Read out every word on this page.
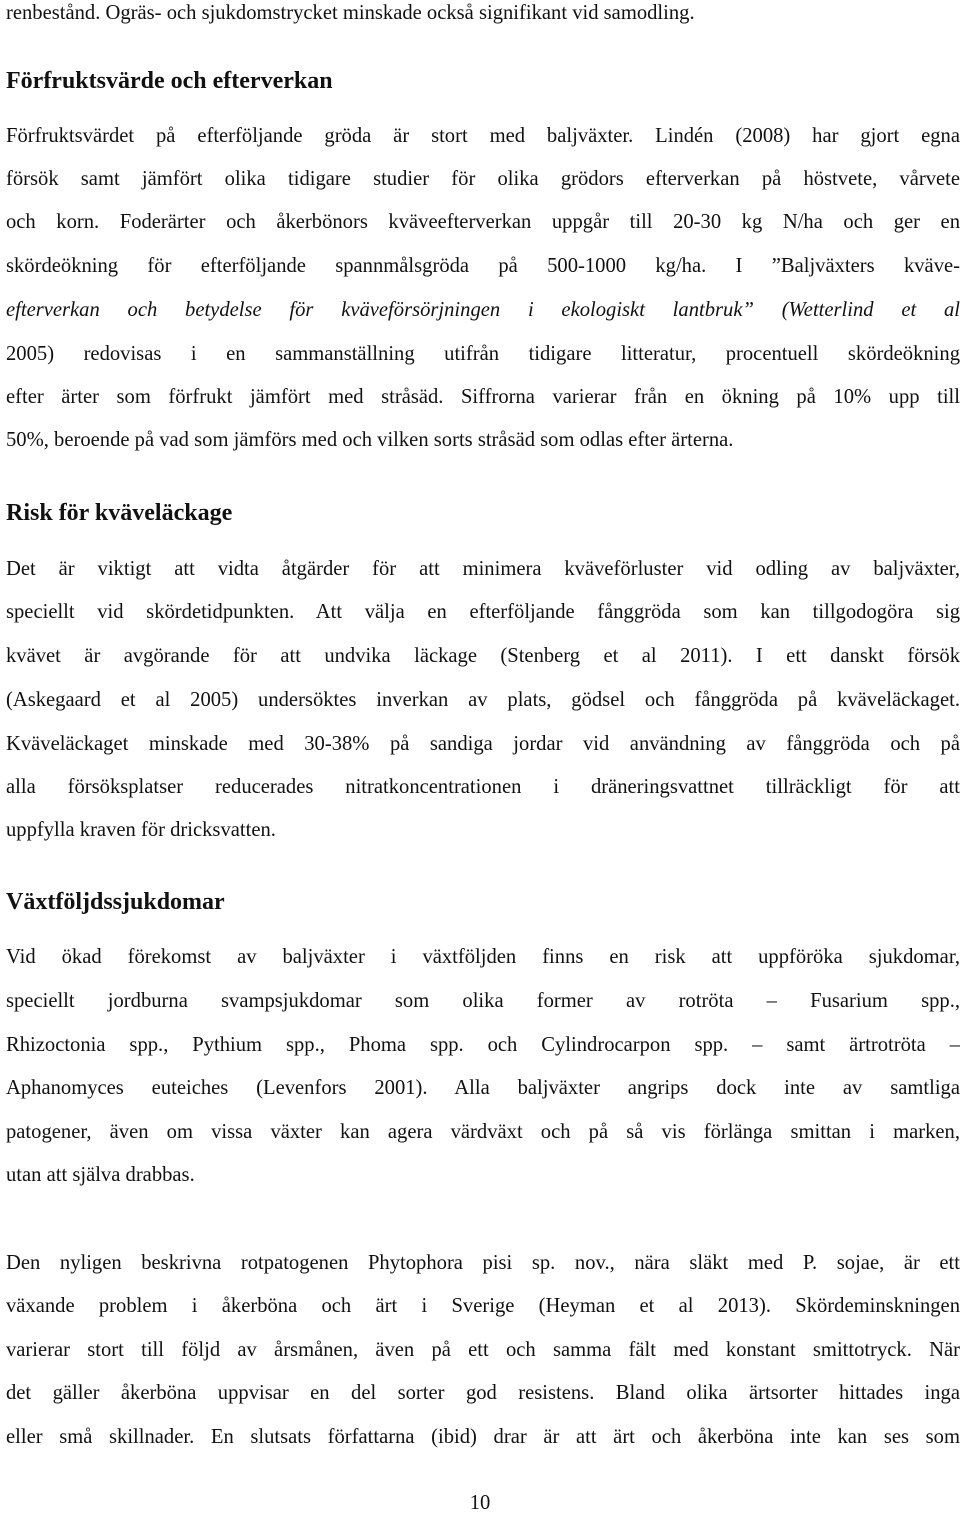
renbestånd. Ogräs- och sjukdomstrycket minskade också signifikant vid samodling.
Förfruktsvärde och efterverkan
Förfruktsvärdet på efterföljande gröda är stort med baljväxter. Lindén (2008) har gjort egna
försök samt jämfört olika tidigare studier för olika grödors efterverkan på höstvete, vårvete
och korn. Foderärter och åkerbönors kväveefterverkan uppgår till 20-30 kg N/ha och ger en
skördeökning för efterföljande spannmålsgröda på 500-1000 kg/ha. I ”Baljväxters kväve-
efterverkan och betydelse för kväveförsörjningen i ekologiskt lantbruk” (Wetterlind et al
2005) redovisas i en sammanställning utifrån tidigare litteratur, procentuell skördeökning
efter ärter som förfrukt jämfört med stråsäd. Siffrorna varierar från en ökning på 10% upp till
50%, beroende på vad som jämförs med och vilken sorts stråsäd som odlas efter ärterna.
Risk för kväveläckage
Det är viktigt att vidta åtgärder för att minimera kväveförluster vid odling av baljväxter,
speciellt vid skördetidpunkten. Att välja en efterföljande fånggröda som kan tillgodogöra sig
kvävet är avgörande för att undvika läckage (Stenberg et al 2011). I ett danskt försök
(Askegaard et al 2005) undersöktes inverkan av plats, gödsel och fånggröda på kväveläckaget.
Kväveläckaget minskade med 30-38% på sandiga jordar vid användning av fånggröda och på
alla försöksplatser reducerades nitratkoncentrationen i dräneringsvattnet tillräckligt för att
uppfylla kraven för dricksvatten.
Växtföljdssjukdomar
Vid ökad förekomst av baljväxter i växtföljden finns en risk att uppföröka sjukdomar,
speciellt jordburna svampsjukdomar som olika former av rotröta – Fusarium spp.,
Rhizoctonia spp., Pythium spp., Phoma spp. och Cylindrocarpon spp. – samt ärtrotröta –
Aphanomyces euteiches (Levenfors 2001). Alla baljväxter angrips dock inte av samtliga
patogener, även om vissa växter kan agera värdväxt och på så vis förlänga smittan i marken,
utan att själva drabbas.
Den nyligen beskrivna rotpatogenen Phytophora pisi sp. nov., nära släkt med P. sojae, är ett
växande problem i åkerböna och ärt i Sverige (Heyman et al 2013). Skördeminskningen
varierar stort till följd av årsmånen, även på ett och samma fält med konstant smittotryck. När
det gäller åkerböna uppvisar en del sorter god resistens. Bland olika ärtsorter hittades inga
eller små skillnader. En slutsats författarna (ibid) drar är att ärt och åkerböna inte kan ses som
10
